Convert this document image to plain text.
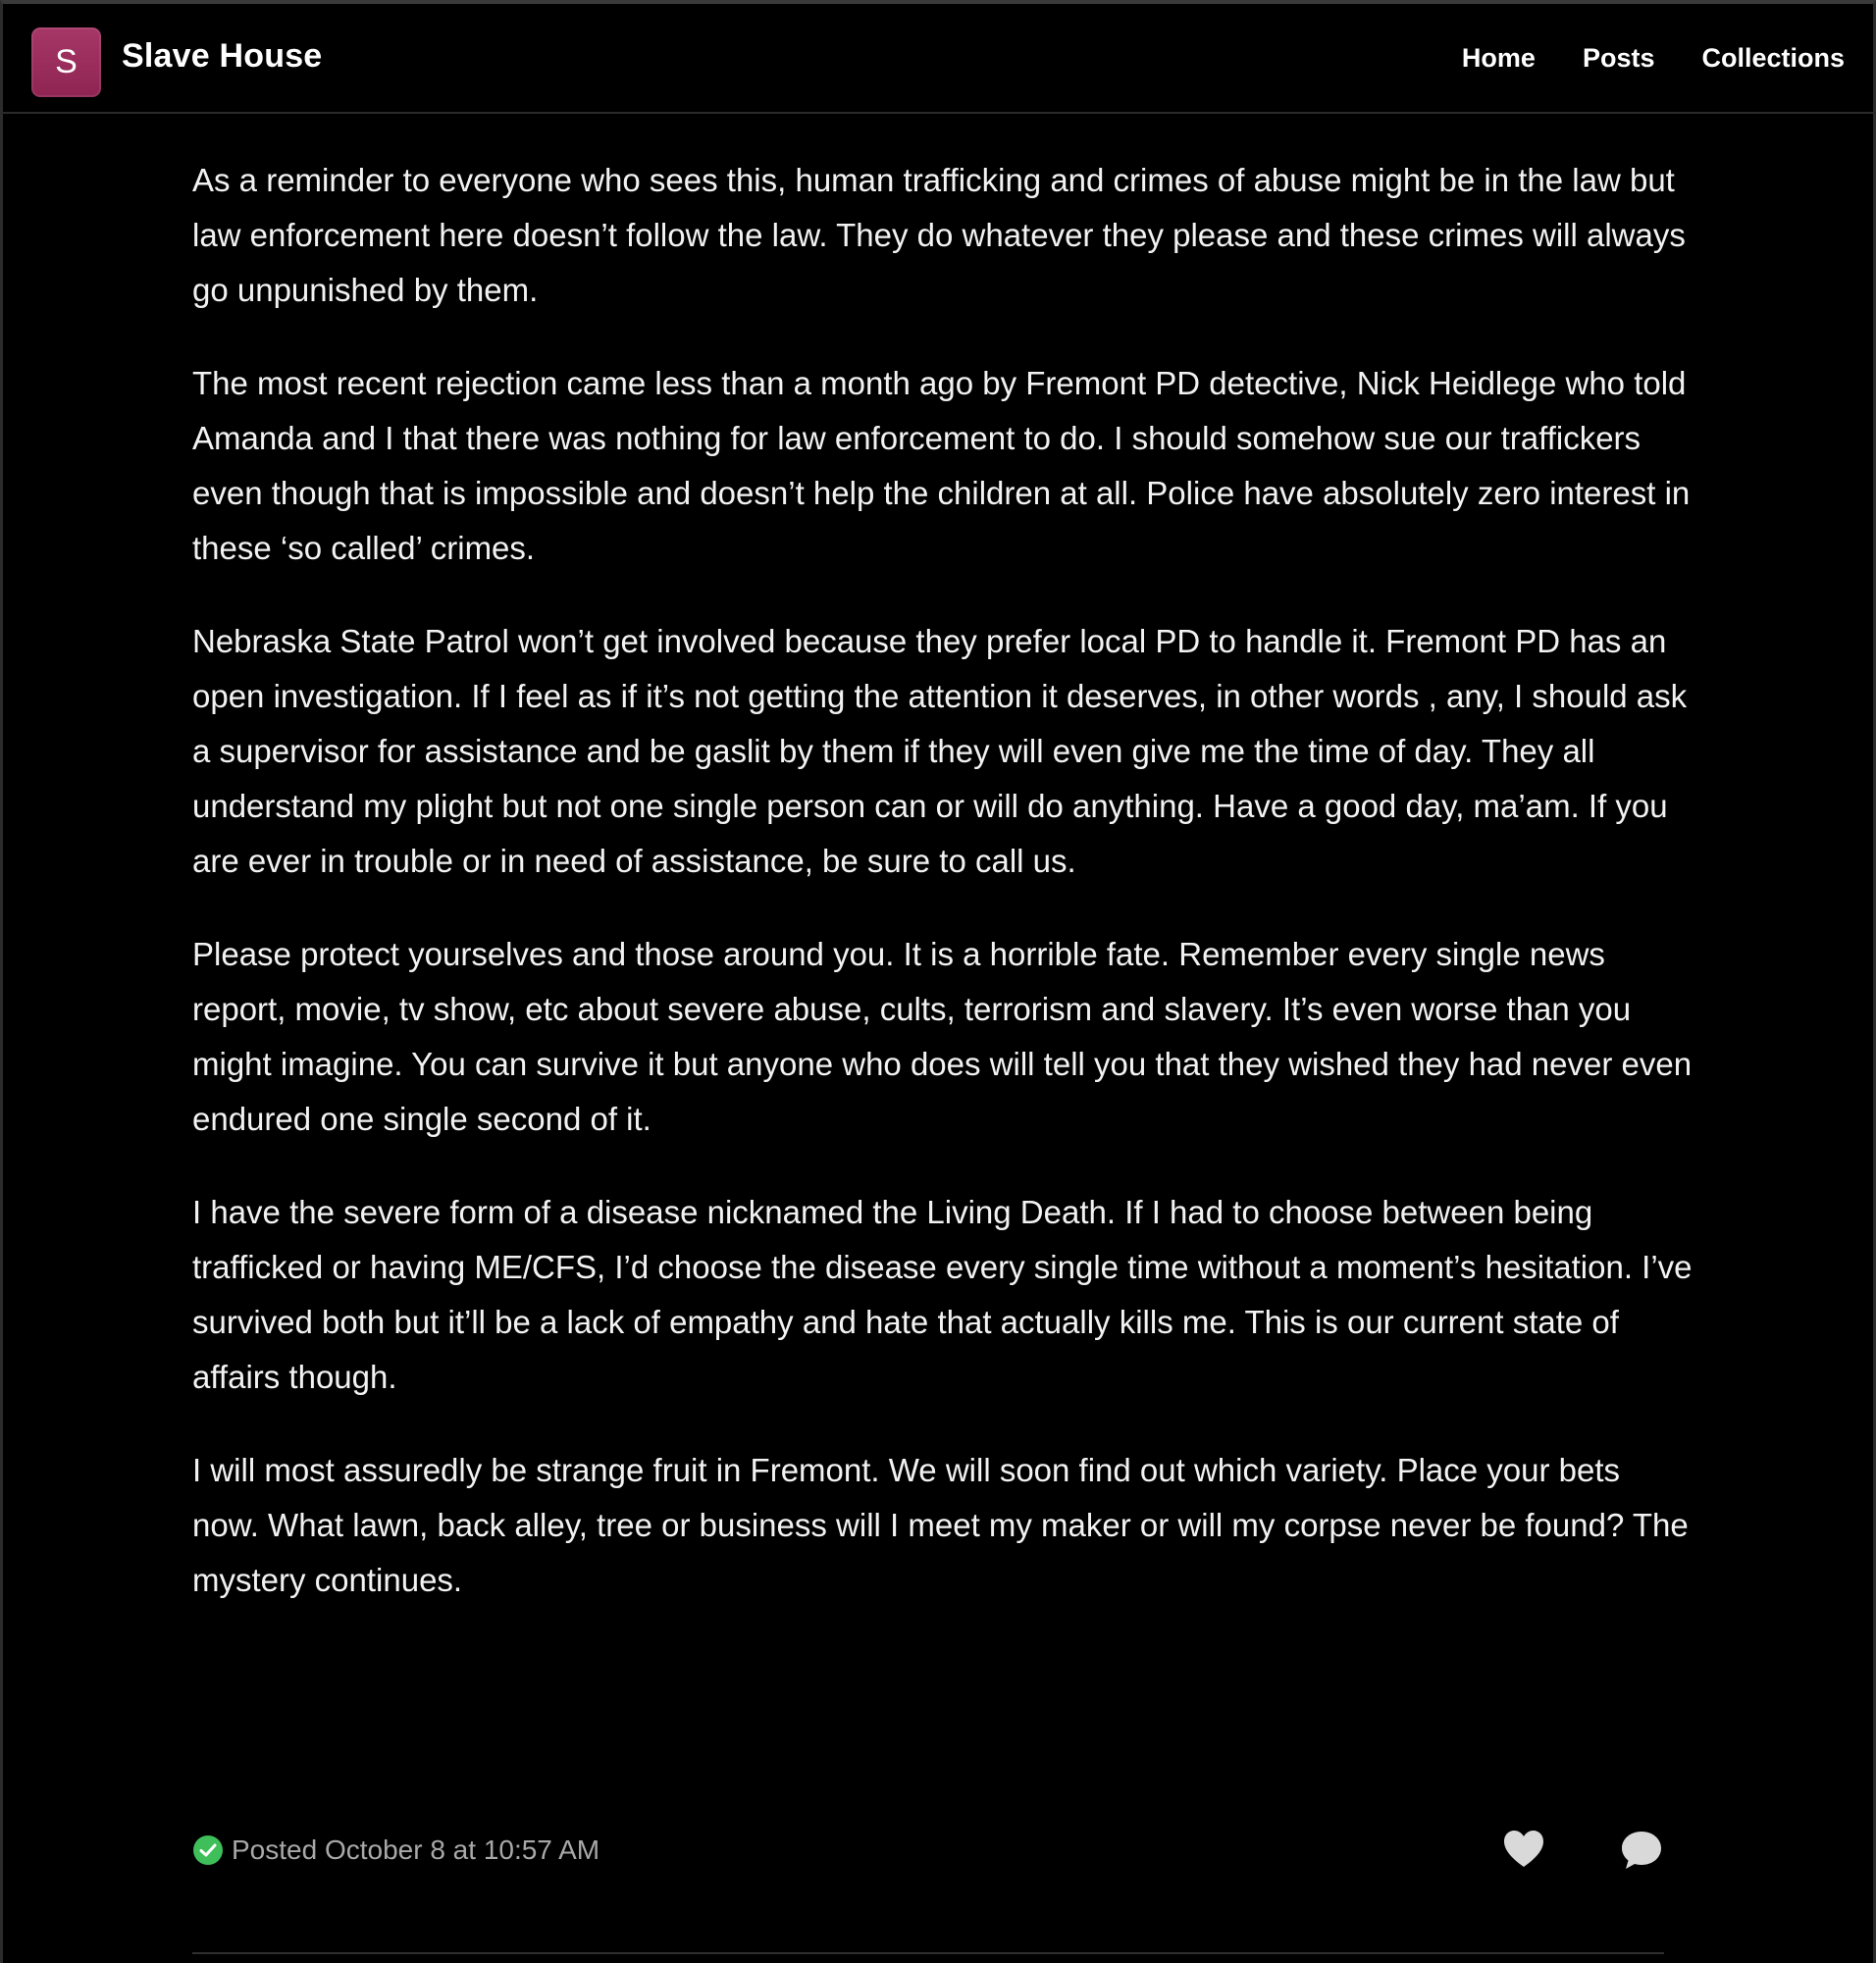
S	Slave House	Home Posts Collections

As a reminder to everyone who sees this, human trafficking and crimes of abuse might be in the law but law enforcement here doesn’t follow the law. They do whatever they please and these crimes will always go unpunished by them.

The most recent rejection came less than a month ago by Fremont PD detective, Nick Heidlege who told Amanda and I that there was nothing for law enforcement to do. I should somehow sue our traffickers even though that is impossible and doesn’t help the children at all. Police have absolutely zero interest in these ‘so called’ crimes.

Nebraska State Patrol won’t get involved because they prefer local PD to handle it. Fremont PD has an open investigation. If I feel as if it’s not getting the attention it deserves, in other words , any, I should ask a supervisor for assistance and be gaslit by them if they will even give me the time of day. They all understand my plight but not one single person can or will do anything. Have a good day, ma’am. If you are ever in trouble or in need of assistance, be sure to call us.

Please protect yourselves and those around you. It is a horrible fate. Remember every single news report, movie, tv show, etc about severe abuse, cults, terrorism and slavery. It’s even worse than you might imagine. You can survive it but anyone who does will tell you that they wished they had never even endured one single second of it.

I have the severe form of a disease nicknamed the Living Death. If I had to choose between being trafficked or having ME/CFS, I’d choose the disease every single time without a moment’s hesitation. I’ve survived both but it’ll be a lack of empathy and hate that actually kills me. This is our current state of affairs though.

I will most assuredly be strange fruit in Fremont. We will soon find out which variety. Place your bets now. What lawn, back alley, tree or business will I meet my maker or will my corpse never be found? The mystery continues.

Posted October 8 at 10:57 AM
